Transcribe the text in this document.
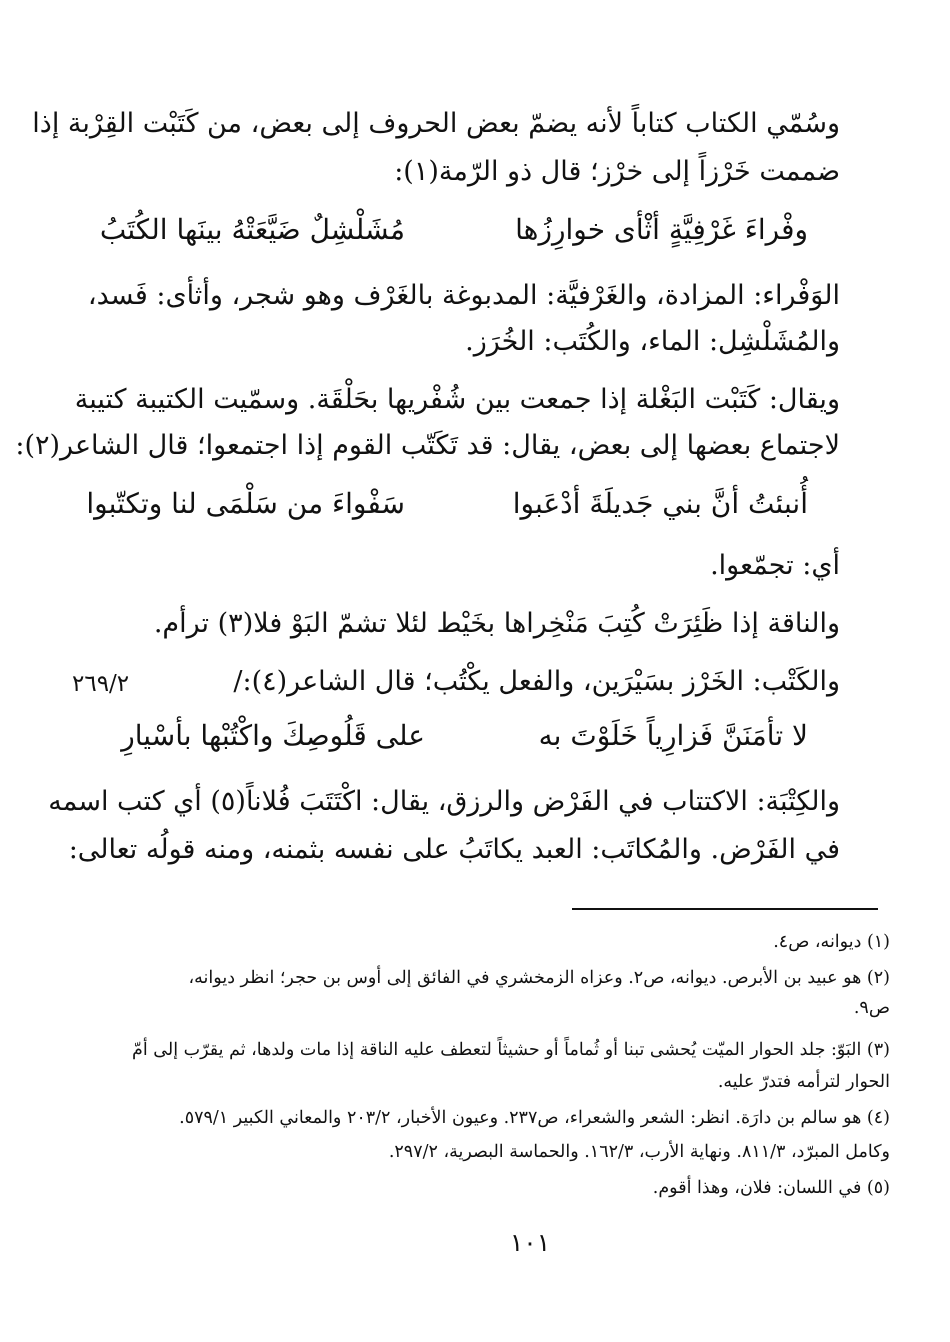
وسُمّي الكتاب كتاباً لأنه يضمّ بعض الحروف إلى بعض، من كَتَبْت القِرْبة إذا
ضممت خَرْزاً إلى خرْز؛ قال ذو الرّمة(١):
وفْراءَ غَرْفِيَّةٍ أثْأى خوارِزُها
مُشَلْشِلٌ ضَيَّعَتْهُ بينَها الكُتَبُ
الوَفْراء: المزادة، والغَرْفيَّة: المدبوغة بالغَرْف وهو شجر، وأثأى: فَسد،
والمُشَلْشِل: الماء، والكُتَب: الخُرَز.
ويقال: كَتَبْت البَغْلة إذا جمعت بين شُفْريها بحَلْقَة. وسمّيت الكتيبة كتيبة
لاجتماع بعضها إلى بعض، يقال: قد تَكَتّب القوم إذا اجتمعوا؛ قال الشاعر(٢):
أُنبئتُ أنَّ بني جَديلَةَ أدْعَبوا
سَفْواءَ من سَلْمَى لنا وتكتّبوا
أي: تجمّعوا.
والناقة إذا ظَئِرَتْ كُتِبَ مَنْخِراها بخَيْط لئلا تشمّ البَوْ فلا(٣) ترأم.
والكَتْب: الخَرْز بسَيْرَين، والفعل يكْتُب؛ قال الشاعر(٤):/
٢٦٩/٢
لا تأمَنَنَّ فَزارِياً خَلَوْتَ به
على قَلُوصِكَ واكْتُبْها بأسْيارِ
والكِتْبَة: الاكتتاب في الفَرْض والرزق، يقال: اكْتَتَبَ فُلاناً(٥) أي كتب اسمه
في الفَرْض. والمُكاتَب: العبد يكاتَبُ على نفسه بثمنه، ومنه قولُه تعالى:
(١) ديوانه، ص٤.
(٢) هو عبيد بن الأبرص. ديوانه، ص٢. وعزاه الزمخشري في الفائق إلى أوس بن حجر؛ انظر ديوانه،
ص٩.
(٣) البَوّ: جلد الحوار الميّت يُحشى تبنا أو ثُماماً أو حشيثاً لتعطف عليه الناقة إذا مات ولدها، ثم يقرّب إلى أمّ
الحوار لترأمه فتدرّ عليه.
(٤) هو سالم بن دارَة. انظر: الشعر والشعراء، ص٢٣٧. وعيون الأخبار، ٢٠٣/٢ والمعاني الكبير ٥٧٩/١.
وكامل المبرّد، ٨١١/٣. ونهاية الأرب، ١٦٢/٣. والحماسة البصرية، ٢٩٧/٢.
(٥) في اللسان: فلان، وهذا أقوم.
١٠١
